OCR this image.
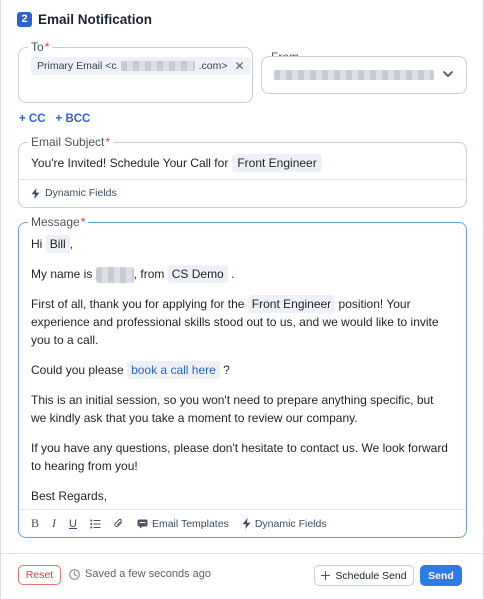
2 Email Notification
To*
Primary Email <c	.com> ✕
+ CC + BCC
Email Subject*
You're Invited! Schedule Your Call for Front Engineer
Dynamic Fields
Message*

Hi Bill ,

My name is	, from CS Demo .

First of all, thank you for applying for the Front Engineer position! Your experience and professional skills stood out to us, and we would like to invite you to a call.

Could you please book a call here ?

This is an initial session, so you won't need to prepare anything specific, but we kindly ask that you take a moment to review our company.

If you have any questions, please don't hesitate to contact us. We look forward to hearing from you!

Best Regards,

B I U	Email Templates Dynamic Fields
Reset	Saved a few seconds ago	Schedule Send	Send
